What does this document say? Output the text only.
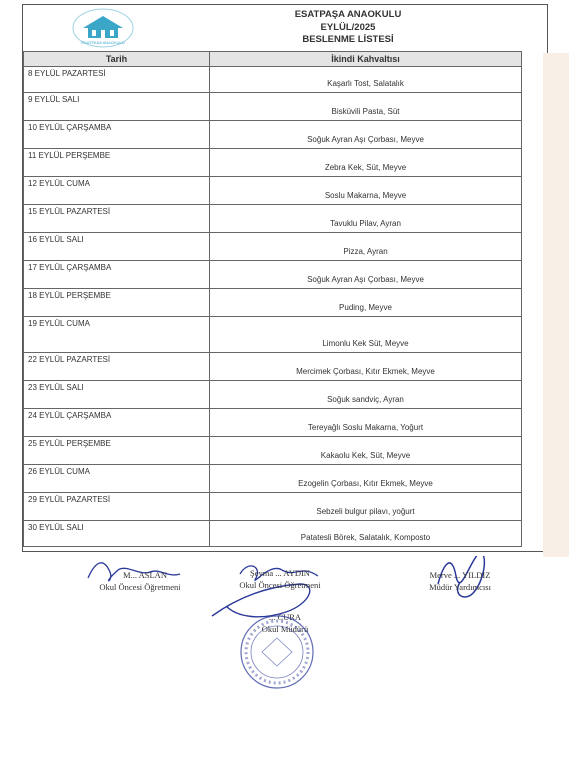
ESATPAŞA ANAOKULU
ESATPAŞA ANAOKULU
EYLÜL/2025
BESLENME LİSTESİ
Tarih	İkindi Kahvaltısı
8 EYLÜL PAZARTESİ	Kaşarlı Tost, Salatalık
9 EYLÜL SALI	Bisküvili Pasta, Süt
10 EYLÜL ÇARŞAMBA	Soğuk Ayran Aşı Çorbası, Meyve
11 EYLÜL PERŞEMBE	Zebra Kek, Süt, Meyve
12 EYLÜL CUMA	Soslu Makarna, Meyve
15 EYLÜL PAZARTESİ	Tavuklu Pilav, Ayran
16 EYLÜL SALI	Pizza, Ayran
17 EYLÜL ÇARŞAMBA	Soğuk Ayran Aşı Çorbası, Meyve
18 EYLÜL PERŞEMBE	Puding, Meyve
19 EYLÜL CUMA	Limonlu Kek Süt, Meyve
22 EYLÜL PAZARTESİ	Mercimek Çorbası, Kıtır Ekmek, Meyve
23 EYLÜL SALI	Soğuk sandviç, Ayran
24 EYLÜL ÇARŞAMBA	Tereyağlı Soslu Makarna, Yoğurt
25 EYLÜL PERŞEMBE	Kakaolu Kek, Süt, Meyve
26 EYLÜL CUMA	Ezogelin Çorbası, Kıtır Ekmek, Meyve
29 EYLÜL PAZARTESİ	Sebzeli bulgur pilavı, yoğurt
30 EYLÜL SALI	Patatesli Börek, Salatalık, Komposto
M... ASLAN
Okul Öncesi Öğretmeni
Şeyma ... AYDIN
Okul Öncesi Öğretmeni
... CURA
Okul Müdürü
Merve ... YILDIZ
Müdür Yardımcısı
